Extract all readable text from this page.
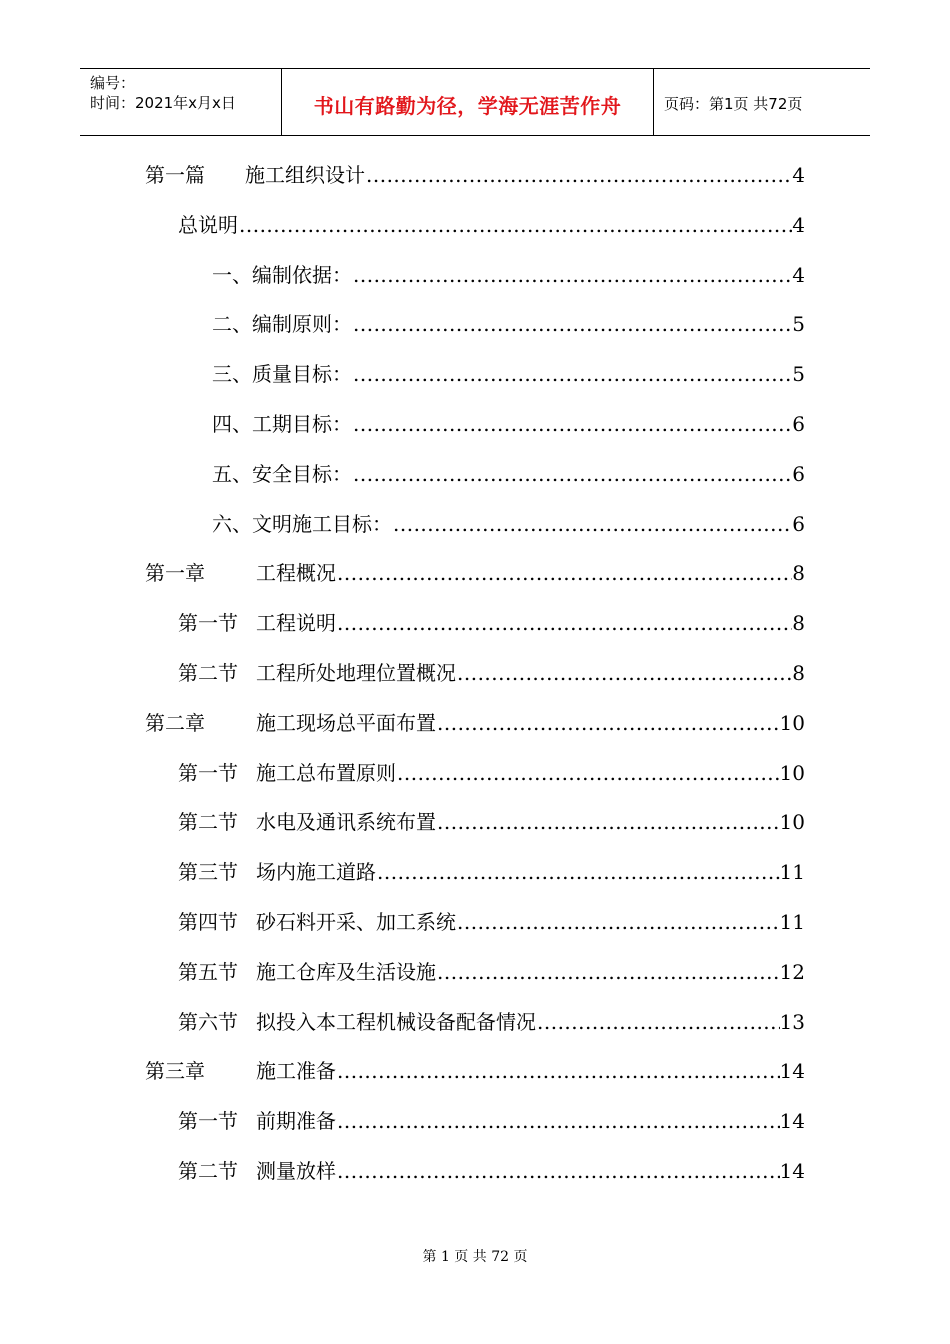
编号：
时间：2021年x月x日	书山有路勤为径，学海无涯苦作舟	页码：第1页 共72页
第一篇	施工组织设计 .....	4
总说明 .....	4
一、编制依据： .....	4
二、编制原则： .....	5
三、质量目标： .....	5
四、工期目标： .....	6
五、安全目标： .....	6
六、文明施工目标： .....	6
第一章	工程概况 .....	8
第一节 工程说明 .....	8
第二节 工程所处地理位置概况 .....	8
第二章	施工现场总平面布置 .....	10
第一节 施工总布置原则 .....	10
第二节 水电及通讯系统布置 .....	10
第三节 场内施工道路 .....	11
第四节 砂石料开采、加工系统 .....	11
第五节 施工仓库及生活设施 .....	12
第六节 拟投入本工程机械设备配备情况 .....	13
第三章	施工准备 .....	14
第一节 前期准备 .....	14
第二节 测量放样 .....	14
第 1 页 共 72 页
